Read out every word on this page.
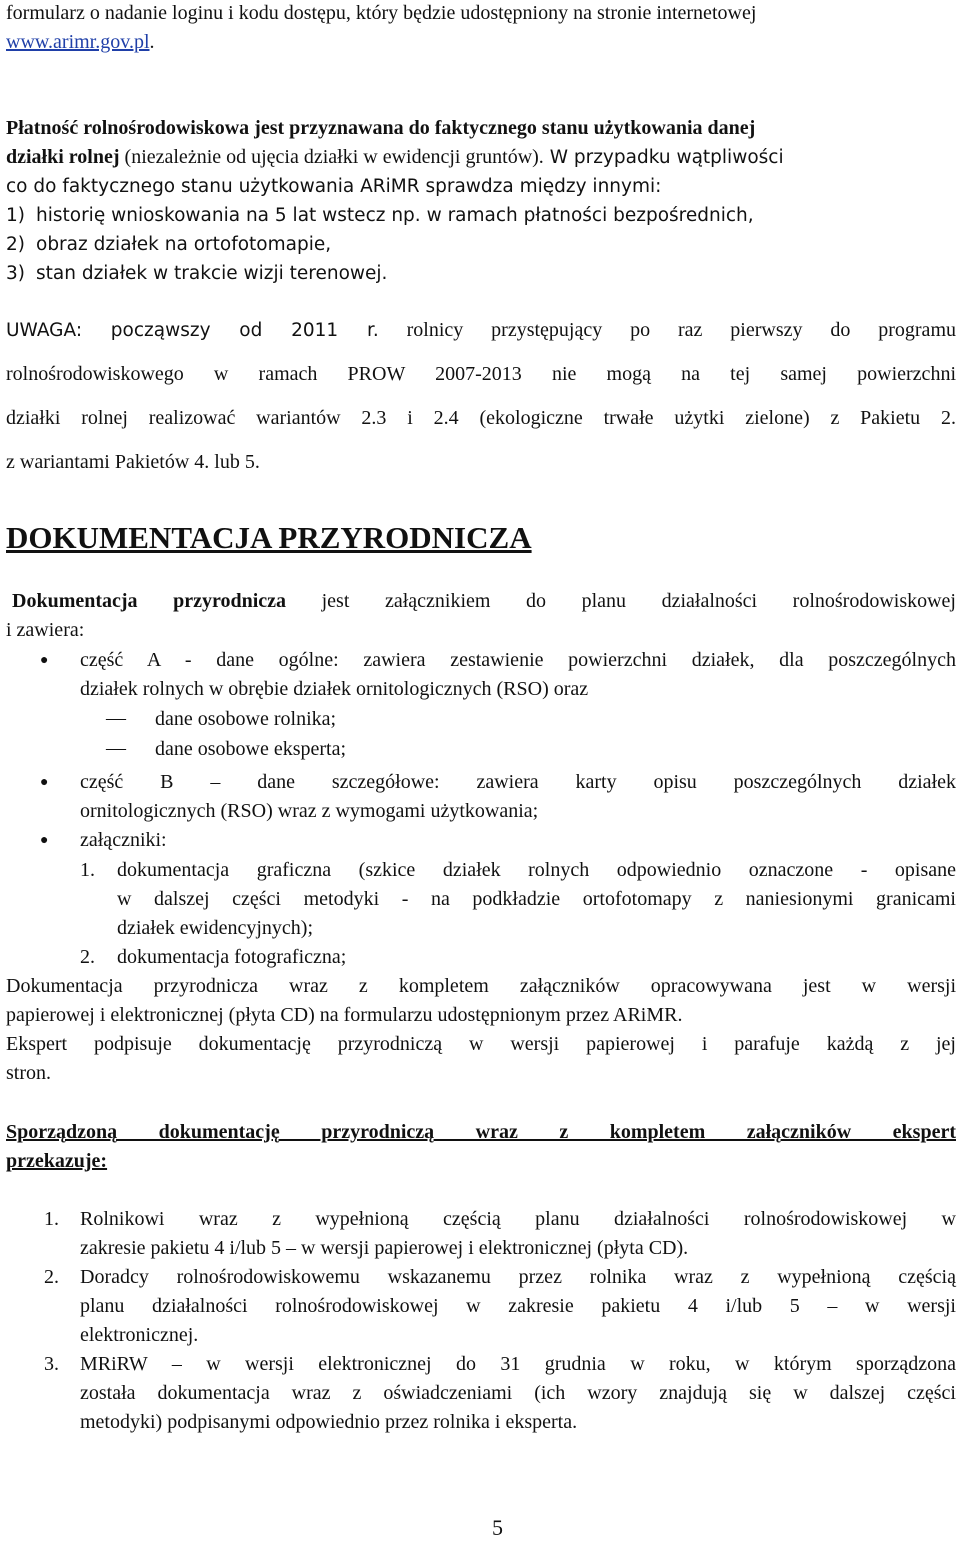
formularz o nadanie loginu i kodu dostępu, który będzie udostępniony na stronie internetowej
www.arimr.gov.pl.
Płatność rolnośrodowiskowa jest przyznawana do faktycznego stanu użytkowania danej
działki rolnej (niezależnie od ujęcia działki w ewidencji gruntów). W przypadku wątpliwości
co do faktycznego stanu użytkowania ARiMR sprawdza między innymi:
1) historię wnioskowania na 5 lat wstecz np. w ramach płatności bezpośrednich,
2) obraz działek na ortofotomapie,
3) stan działek w trakcie wizji terenowej.
UWAGA: począwszy od 2011 r. rolnicy przystępujący po raz pierwszy do programu
rolnośrodowiskowego w ramach PROW 2007-2013 nie mogą na tej samej powierzchni
działki rolnej realizować wariantów 2.3 i 2.4 (ekologiczne trwałe użytki zielone) z Pakietu 2.
z wariantami Pakietów 4. lub 5.
DOKUMENTACJA PRZYRODNICZA
Dokumentacja przyrodnicza jest załącznikiem do planu działalności rolnośrodowiskowej
i zawiera:
● część A - dane ogólne: zawiera zestawienie powierzchni działek, dla poszczególnych
działek rolnych w obrębie działek ornitologicznych (RSO) oraz
— dane osobowe rolnika;
— dane osobowe eksperta;
● część B – dane szczegółowe: zawiera karty opisu poszczególnych działek
ornitologicznych (RSO) wraz z wymogami użytkowania;
● załączniki:
1. dokumentacja graficzna (szkice działek rolnych odpowiednio oznaczone - opisane
w dalszej części metodyki - na podkładzie ortofotomapy z naniesionymi granicami
działek ewidencyjnych);
2. dokumentacja fotograficzna;
Dokumentacja przyrodnicza wraz z kompletem załączników opracowywana jest w wersji
papierowej i elektronicznej (płyta CD) na formularzu udostępnionym przez ARiMR.
Ekspert podpisuje dokumentację przyrodniczą w wersji papierowej i parafuje każdą z jej
stron.
Sporządzoną dokumentację przyrodniczą wraz z kompletem załączników ekspert
przekazuje:
1. Rolnikowi wraz z wypełnioną częścią planu działalności rolnośrodowiskowej w
zakresie pakietu 4 i/lub 5 – w wersji papierowej i elektronicznej (płyta CD).
2. Doradcy rolnośrodowiskowemu wskazanemu przez rolnika wraz z wypełnioną częścią
planu działalności rolnośrodowiskowej w zakresie pakietu 4 i/lub 5 – w wersji
elektronicznej.
3. MRiRW – w wersji elektronicznej do 31 grudnia w roku, w którym sporządzona
została dokumentacja wraz z oświadczeniami (ich wzory znajdują się w dalszej części
metodyki) podpisanymi odpowiednio przez rolnika i eksperta.
5
